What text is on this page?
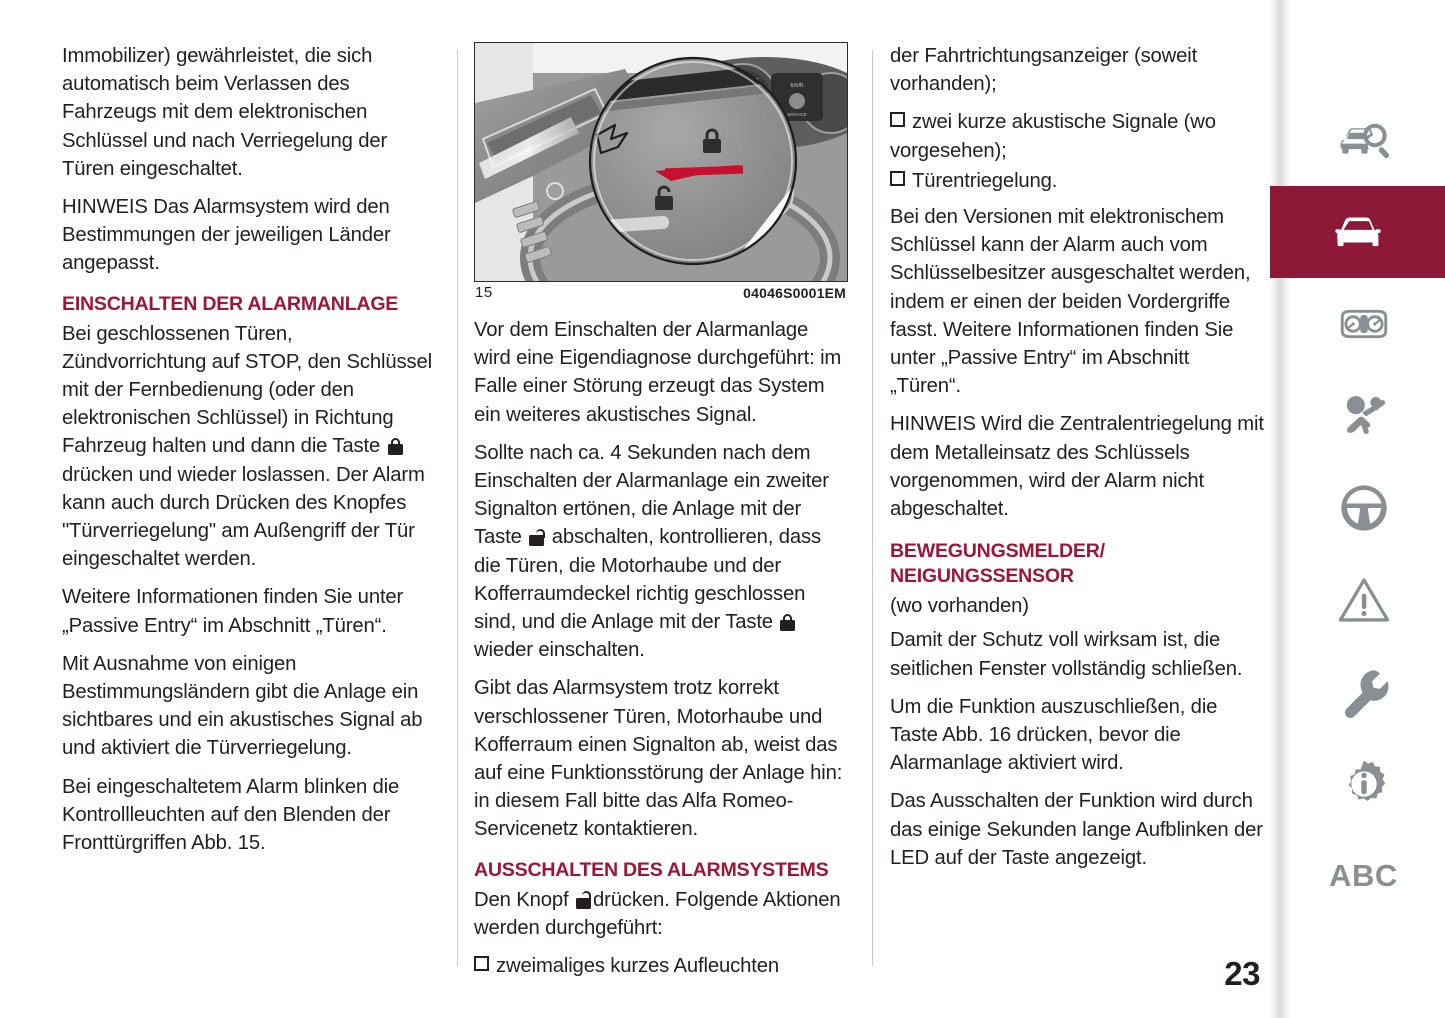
Immobilizer) gewährleistet, die sich automatisch beim Verlassen des Fahrzeugs mit dem elektronischen Schlüssel und nach Verriegelung der Türen eingeschaltet.

HINWEIS Das Alarmsystem wird den Bestimmungen der jeweiligen Länder angepasst.

EINSCHALTEN DER ALARMANLAGE

Bei geschlossenen Türen, Zündvorrichtung auf STOP, den Schlüssel mit der Fernbedienung (oder den elektronischen Schlüssel) in Richtung Fahrzeug halten und dann die Taste
drücken und wieder loslassen. Der Alarm kann auch durch Drücken des Knopfes "Türverriegelung" am Außengriff der Tür eingeschaltet werden.

Weitere Informationen finden Sie unter „Passive Entry“ im Abschnitt „Türen“.

Mit Ausnahme von einigen Bestimmungsländern gibt die Anlage ein sichtbares und ein akustisches Signal ab und aktiviert die Türverriegelung.

Bei eingeschaltetem Alarm blinken die Kontrollleuchten auf den Blenden der Fronttürgriffen Abb. 15.

km/h
SERVICE
15	04046S0001EM

Vor dem Einschalten der Alarmanlage wird eine Eigendiagnose durchgeführt: im Falle einer Störung erzeugt das System ein weiteres akustisches Signal.

Sollte nach ca. 4 Sekunden nach dem Einschalten der Alarmanlage ein zweiter Signalton ertönen, die Anlage mit der Taste
abschalten, kontrollieren, dass die Türen, die Motorhaube und der Kofferraumdeckel richtig geschlossen sind, und die Anlage mit der Taste
wieder einschalten.

Gibt das Alarmsystem trotz korrekt verschlossener Türen, Motorhaube und Kofferraum einen Signalton ab, weist das auf eine Funktionsstörung der Anlage hin: in diesem Fall bitte das Alfa Romeo-Servicenetz kontaktieren.

AUSSCHALTEN DES ALARMSYSTEMS

Den Knopf
drücken. Folgende Aktionen werden durchgeführt:

zweimaliges kurzes Aufleuchten

der Fahrtrichtungsanzeiger (soweit vorhanden);

zwei kurze akustische Signale (wo vorgesehen);

Türentriegelung.

Bei den Versionen mit elektronischem Schlüssel kann der Alarm auch vom Schlüsselbesitzer ausgeschaltet werden, indem er einen der beiden Vordergriffe fasst. Weitere Informationen finden Sie unter „Passive Entry“ im Abschnitt „Türen“.

HINWEIS Wird die Zentralentriegelung mit dem Metalleinsatz des Schlüssels vorgenommen, wird der Alarm nicht abgeschaltet.

BEWEGUNGSMELDER/
NEIGUNGSSENSOR

(wo vorhanden)

Damit der Schutz voll wirksam ist, die seitlichen Fenster vollständig schließen.

Um die Funktion auszuschließen, die Taste Abb. 16 drücken, bevor die Alarmanlage aktiviert wird.

Das Ausschalten der Funktion wird durch das einige Sekunden lange Aufblinken der LED auf der Taste angezeigt.

23
ABC
